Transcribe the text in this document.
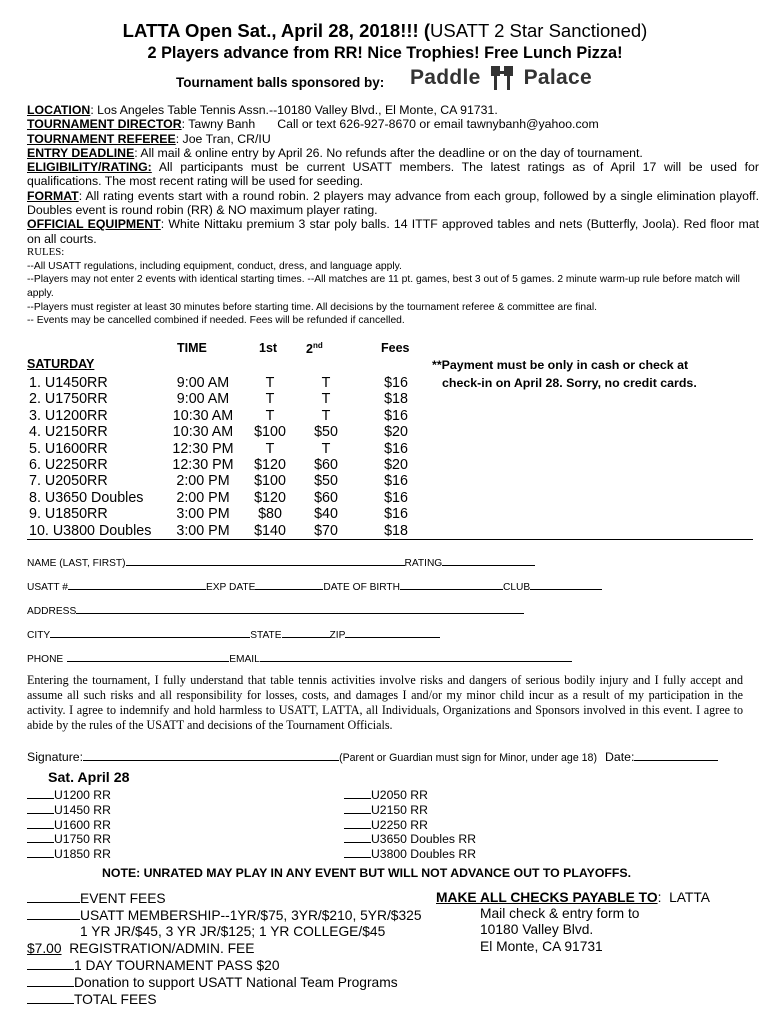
LATTA Open Sat., April 28, 2018!!! (USATT 2 Star Sanctioned)
2 Players advance from RR! Nice Trophies! Free Lunch Pizza!
Tournament balls sponsored by: Paddle Palace

LOCATION: Los Angeles Table Tennis Assn.--10180 Valley Blvd., El Monte, CA 91731.

TOURNAMENT DIRECTOR: Tawny Banh Call or text 626-927-8670 or email tawnybanh@yahoo.com

TOURNAMENT REFEREE: Joe Tran, CR/IU

ENTRY DEADLINE: All mail & online entry by April 26. No refunds after the deadline or on the day of tournament.

ELIGIBILITY/RATING: All participants must be current USATT members. The latest ratings as of April 17 will be used for qualifications. The most recent rating will be used for seeding.

FORMAT: All rating events start with a round robin. 2 players may advance from each group, followed by a single elimination playoff. Doubles event is round robin (RR) & NO maximum player rating.

OFFICIAL EQUIPMENT: White Nittaku premium 3 star poly balls. 14 ITTF approved tables and nets (Butterfly, Joola). Red floor mat on all courts.

RULES:

--All USATT regulations, including equipment, conduct, dress, and language apply.

--Players may not enter 2 events with identical starting times. --All matches are 11 pt. games, best 3 out of 5 games. 2 minute warm-up rule before match will apply.

--Players must register at least 30 minutes before starting time. All decisions by the tournament referee & committee are final.

-- Events may be cancelled combined if needed. Fees will be refunded if cancelled.

TIME	1st 2nd	Fees
SATURDAY	**Payment must be only in cash or check at
check-in on April 28. Sorry, no credit cards.
1. U1450RR	9:00 AM	T	T	$16
2. U1750RR	9:00 AM	T	T	$18
3. U1200RR	10:30 AM	T	T	$16
4. U2150RR	10:30 AM	$100	$50	$20
5. U1600RR	12:30 PM	T	T	$16
6. U2250RR	12:30 PM	$120	$60	$20
7. U2050RR	2:00 PM	$100	$50	$16
8. U3650 Doubles	2:00 PM	$120	$60	$16
9. U1850RR	3:00 PM	$80	$40	$16
10. U3800 Doubles	3:00 PM	$140	$70	$18
NAME (LAST, FIRST)	RATING
USATT #	EXP DATE	DATE OF BIRTH	CLUB
ADDRESS
CITY	STATE	ZIP
PHONE	EMAIL

Entering the tournament, I fully understand that table tennis activities involve risks and dangers of serious bodily injury and I fully accept and assume all such risks and all responsibility for losses, costs, and damages I and/or my minor child incur as a result of my participation in the activity. I agree to indemnify and hold harmless to USATT, LATTA, all Individuals, Organizations and Sponsors involved in this event. I agree to abide by the rules of the USATT and decisions of the Tournament Officials.

Signature:	(Parent or Guardian must sign for Minor, under age 18) Date:
Sat. April 28
U1200 RR
U1450 RR
U1600 RR
U1750 RR
U1850 RR
U2050 RR
U2150 RR
U2250 RR
U3650 Doubles RR
U3800 Doubles RR
NOTE: UNRATED MAY PLAY IN ANY EVENT BUT WILL NOT ADVANCE OUT TO PLAYOFFS.
EVENT FEES
USATT MEMBERSHIP--1YR/$75, 3YR/$210, 5YR/$325
1 YR JR/$45, 3 YR JR/$125; 1 YR COLLEGE/$45
$7.00 REGISTRATION/ADMIN. FEE
1 DAY TOURNAMENT PASS $20
Donation to support USATT National Team Programs
TOTAL FEES
MAKE ALL CHECKS PAYABLE TO: LATTA
Mail check & entry form to
10180 Valley Blvd.
El Monte, CA 91731
